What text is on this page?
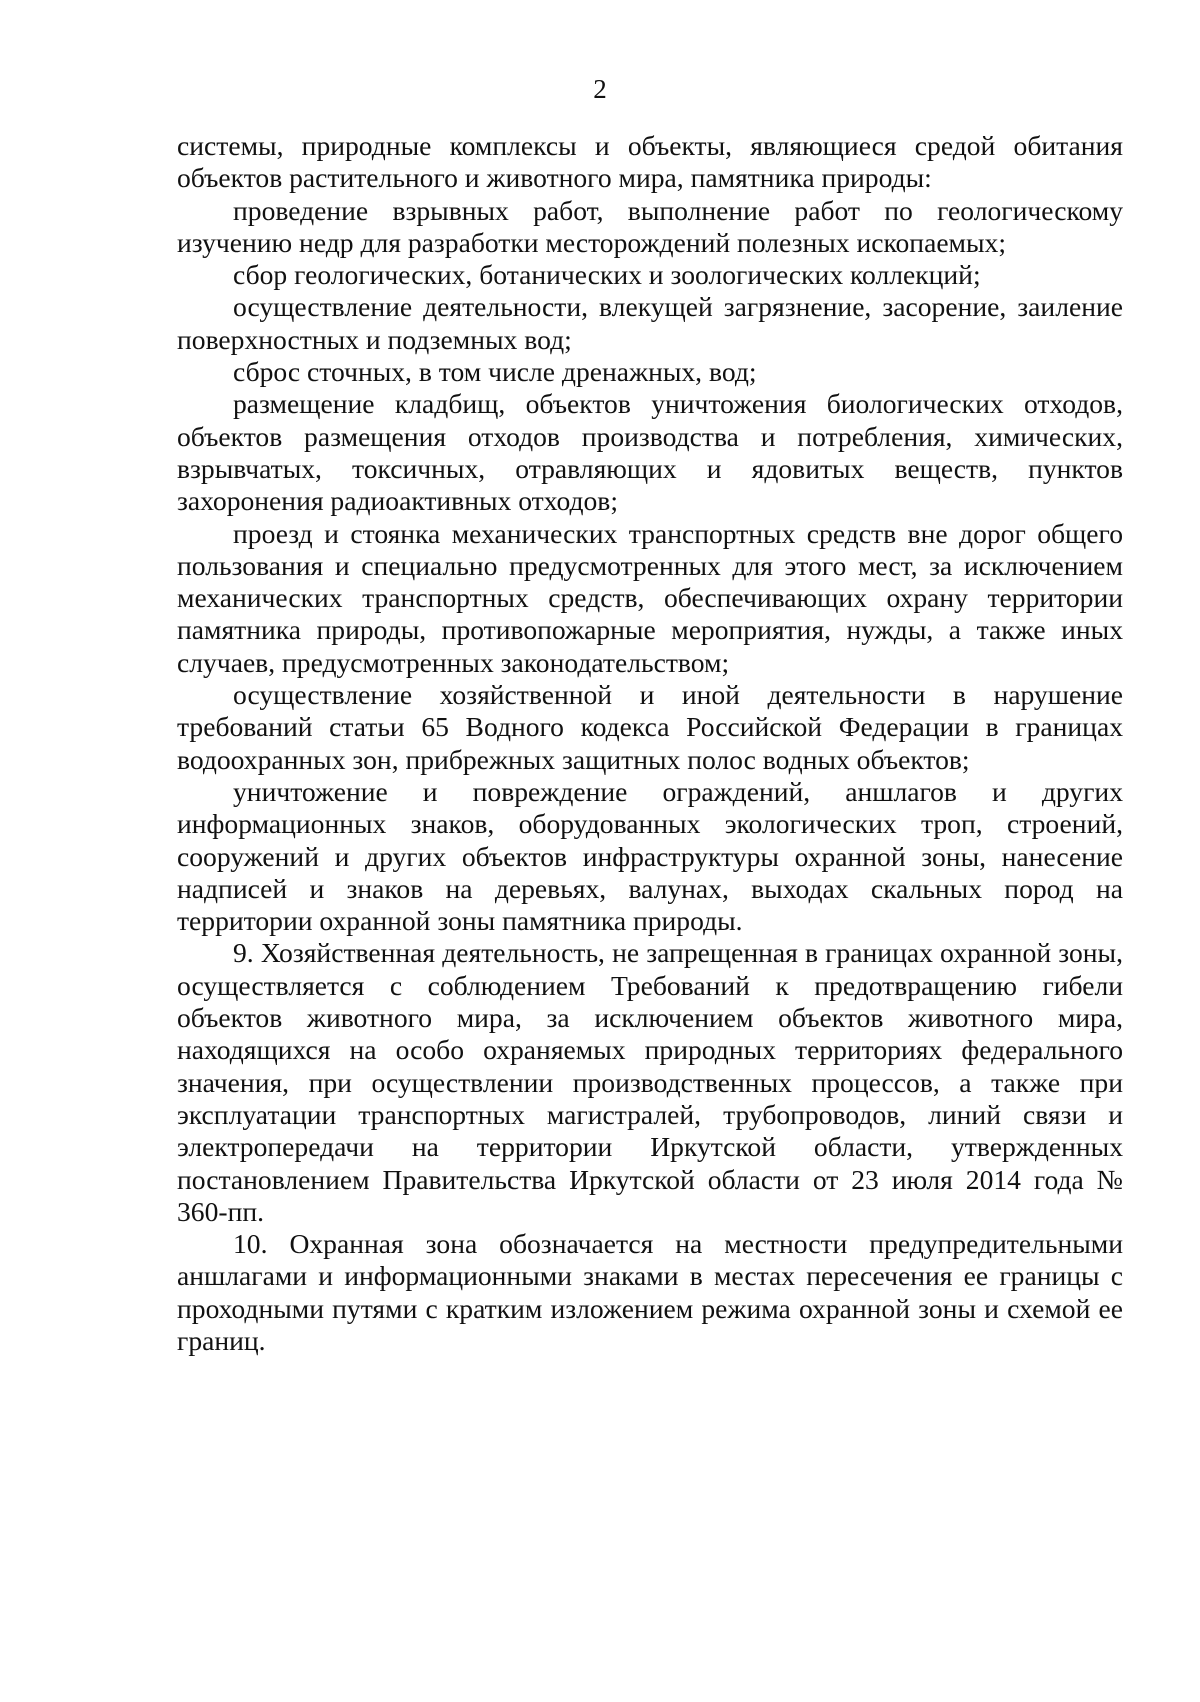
2

системы, природные комплексы и объекты, являющиеся средой обитания объектов растительного и животного мира, памятника природы:

проведение взрывных работ, выполнение работ по геологическому изучению недр для разработки месторождений полезных ископаемых;

сбор геологических, ботанических и зоологических коллекций;

осуществление деятельности, влекущей загрязнение, засорение, заиление поверхностных и подземных вод;

сброс сточных, в том числе дренажных, вод;

размещение кладбищ, объектов уничтожения биологических отходов, объектов размещения отходов производства и потребления, химических, взрывчатых, токсичных, отравляющих и ядовитых веществ, пунктов захоронения радиоактивных отходов;

проезд и стоянка механических транспортных средств вне дорог общего пользования и специально предусмотренных для этого мест, за исключением механических транспортных средств, обеспечивающих охрану территории памятника природы, противопожарные мероприятия, нужды, а также иных случаев, предусмотренных законодательством;

осуществление хозяйственной и иной деятельности в нарушение требований статьи 65 Водного кодекса Российской Федерации в границах водоохранных зон, прибрежных защитных полос водных объектов;

уничтожение и повреждение ограждений, аншлагов и других информационных знаков, оборудованных экологических троп, строений, сооружений и других объектов инфраструктуры охранной зоны, нанесение надписей и знаков на деревьях, валунах, выходах скальных пород на территории охранной зоны памятника природы.

9. Хозяйственная деятельность, не запрещенная в границах охранной зоны, осуществляется с соблюдением Требований к предотвращению гибели объектов животного мира, за исключением объектов животного мира, находящихся на особо охраняемых природных территориях федерального значения, при осуществлении производственных процессов, а также при эксплуатации транспортных магистралей, трубопроводов, линий связи и электропередачи на территории Иркутской области, утвержденных постановлением Правительства Иркутской области от 23 июля 2014 года № 360-пп.

10. Охранная зона обозначается на местности предупредительными аншлагами и информационными знаками в местах пересечения ее границы с проходными путями с кратким изложением режима охранной зоны и схемой ее границ.
